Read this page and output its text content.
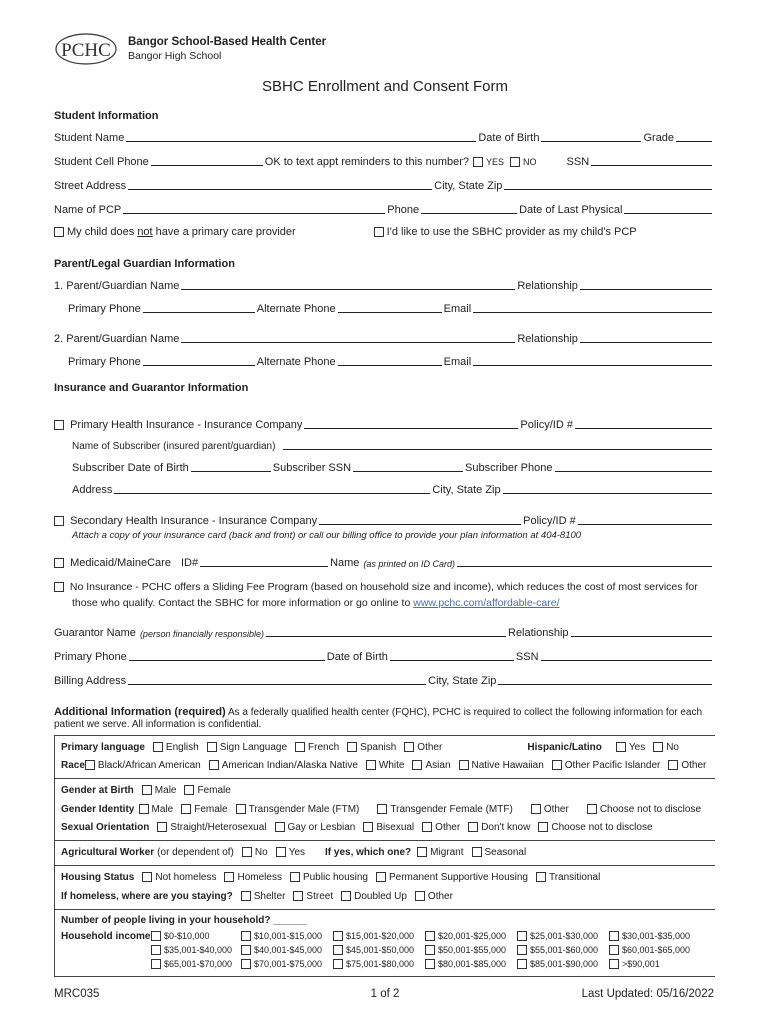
PCHC Bangor School-Based Health Center
Bangor High School
SBHC Enrollment and Consent Form
Student Information
Student Name	Date of Birth	Grade
Student Cell Phone	OK to text appt reminders to this number?	YES	NO	SSN
Street Address	City, State Zip
Name of PCP	Phone	Date of Last Physical
My child does not have a primary care provider	I'd like to use the SBHC provider as my child's PCP
Parent/Legal Guardian Information
1. Parent/Guardian Name	Relationship
Primary Phone	Alternate Phone	Email
2. Parent/Guardian Name	Relationship
Primary Phone	Alternate Phone	Email
Insurance and Guarantor Information
Primary Health Insurance - Insurance Company	Policy/ID #
Name of Subscriber (insured parent/guardian)
Subscriber Date of Birth	Subscriber SSN	Subscriber Phone
Address	City, State Zip
Secondary Health Insurance - Insurance Company	Policy/ID #
Attach a copy of your insurance card (back and front) or call our billing office to provide your plan information at 404-8100
Medicaid/MaineCare ID#	Name (as printed on ID Card)
No Insurance - PCHC offers a Sliding Fee Program (based on household size and income), which reduces the cost of most services for
those who qualify. Contact the SBHC for more information or go online to www.pchc.com/affordable-care/
Guarantor Name (person financially responsible)	Relationship
Primary Phone	Date of Birth	SSN
Billing Address	City, State Zip
Additional Information (required) As a federally qualified health center (FQHC), PCHC is required to collect the following information for each
patient we serve. All information is confidential.
Primary language	English	Sign Language	French	Spanish	Other	Hispanic/Latino	Yes	No
Race	Black/African American	American Indian/Alaska Native	White	Asian	Native Hawaiian	Other Pacific Islander	Other
Gender at Birth	Male	Female
Gender Identity	Male	Female	Transgender Male (FTM)	Transgender Female (MTF)	Other	Choose not to disclose
Sexual Orientation	Straight/Heterosexual	Gay or Lesbian	Bisexual	Other	Don't know	Choose not to disclose
Agricultural Worker (or dependent of)	No	Yes If yes, which one?	Migrant	Seasonal
Housing Status	Not homeless	Homeless	Public housing	Permanent Supportive Housing	Transitional
If homeless, where are you staying?	Shelter	Street	Doubled Up	Other
Number of people living in your household? ______
Household income	$0-$10,000	$10,001-$15,000	$15,001-$20,000	$20,001-$25,000	$25,001-$30,000	$30,001-$35,000
$35,001-$40,000	$40,001-$45,000	$45,001-$50,000	$50,001-$55,000	$55,001-$60,000	$60,001-$65,000
$65,001-$70,000	$70,001-$75,000	$75,001-$80,000	$80,001-$85,000	$85,001-$90,000	>$90,001
MRC035	1 of 2	Last Updated: 05/16/2022
